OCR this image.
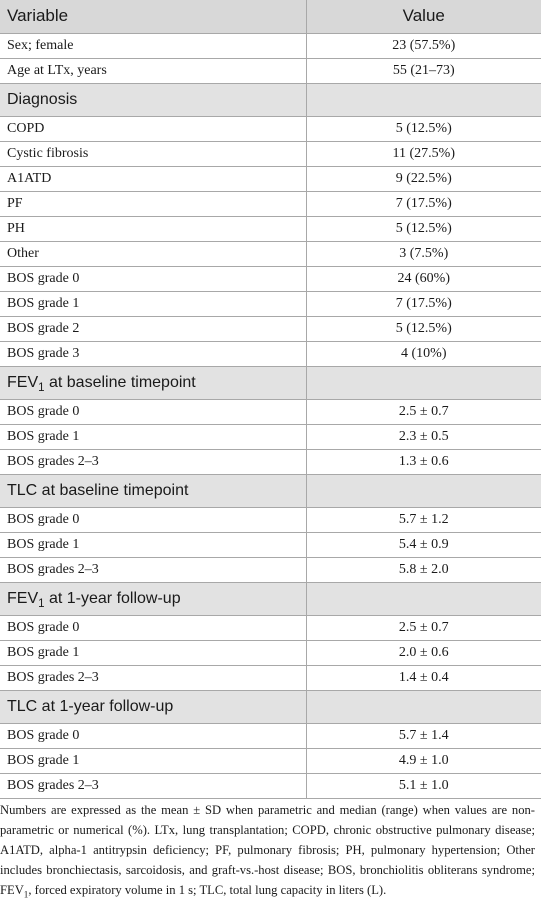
Variable	Value
Sex; female	23 (57.5%)
Age at LTx, years	55 (21–73)
Diagnosis	
COPD	5 (12.5%)
Cystic fibrosis	11 (27.5%)
A1ATD	9 (22.5%)
PF	7 (17.5%)
PH	5 (12.5%)
Other	3 (7.5%)
BOS grade 0	24 (60%)
BOS grade 1	7 (17.5%)
BOS grade 2	5 (12.5%)
BOS grade 3	4 (10%)
$FEV_1$ at baseline timepoint	
BOS grade 0	2.5 ± 0.7
BOS grade 1	2.3 ± 0.5
BOS grades 2–3	1.3 ± 0.6
TLC at baseline timepoint	
BOS grade 0	5.7 ± 1.2
BOS grade 1	5.4 ± 0.9
BOS grades 2–3	5.8 ± 2.0
$FEV_1$ at 1-year follow-up	
BOS grade 0	2.5 ± 0.7
BOS grade 1	2.0 ± 0.6
BOS grades 2–3	1.4 ± 0.4
TLC at 1-year follow-up	
BOS grade 0	5.7 ± 1.4
BOS grade 1	4.9 ± 1.0
BOS grades 2–3	5.1 ± 1.0

Numbers are expressed as the mean ± SD when parametric and median (range) when values are non-parametric or numerical (%). LTx, lung transplantation; COPD, chronic obstructive pulmonary disease; A1ATD, alpha-1 antitrypsin deficiency; PF, pulmonary fibrosis; PH, pulmonary hypertension; Other includes bronchiectasis, sarcoidosis, and graft-vs.-host disease; BOS, bronchiolitis obliterans syndrome; $FEV_1$, forced expiratory volume in 1 s; TLC, total lung capacity in liters (L).
